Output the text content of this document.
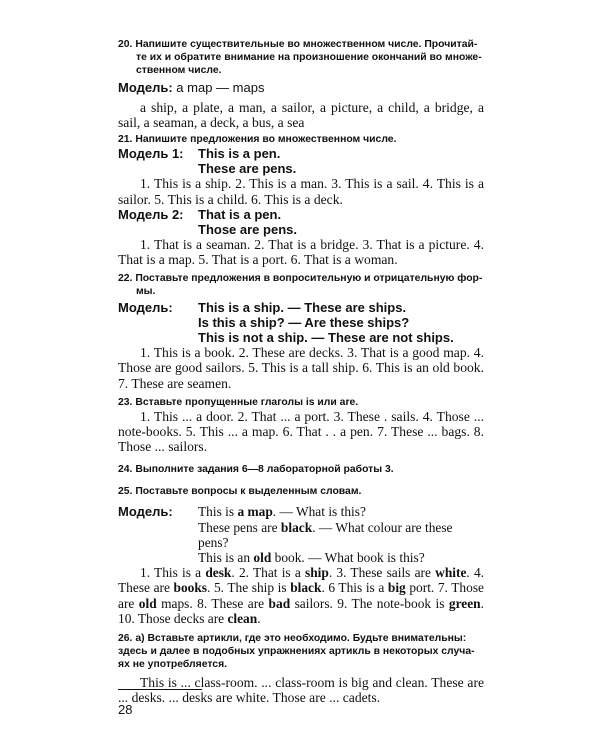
20. Напишите существительные во множественном числе. Прочитай-
те их и обратите внимание на произношение окончаний во множе-
ственном числе.

Модель: a map — maps

a ship, a plate, a man, a sailor, a picture, a child, a bridge, a sail, a seaman, a deck, a bus, a sea

21. Напишите предложения во множественном числе.

Модель 1:	This is a pen.
These are pens.

1. This is a ship. 2. This is a man. 3. This is a sail. 4. This is a sailor. 5. This is a child. 6. This is a deck.

Модель 2:	That is a pen.
Those are pens.

1. That is a seaman. 2. That is a bridge. 3. That is a picture. 4. That is a map. 5. That is a port. 6. That is a woman.

22. Поставьте предложения в вопросительную и отрицательную фор-
мы.

Модель:	This is a ship. — These are ships.
Is this a ship? — Are these ships?
This is not a ship. — These are not ships.

1. This is a book. 2. These are decks. 3. That is a good map. 4. Those are good sailors. 5. This is a tall ship. 6. This is an old book. 7. These are seamen.

23. Вставьте пропущенные глаголы is или are.

1. This ... a door. 2. That ... a port. 3. These . sails. 4. Those ... note-books. 5. This ... a map. 6. That . . a pen. 7. These ... bags. 8. Those ... sailors.

24. Выполните задания 6—8 лабораторной работы 3.

25. Поставьте вопросы к выделенным словам.

Модель:	This is a map. — What is this?
These pens are black. — What colour are these pens?
This is an old book. — What book is this?

1. This is a desk. 2. That is a ship. 3. These sails are white. 4. These are books. 5. The ship is black. 6 This is a big port. 7. Those are old maps. 8. These are bad sailors. 9. The note-book is green. 10. Those decks are clean.

26. а) Вставьте артикли, где это необходимо. Будьте внимательны:
здесь и далее в подобных упражнениях артикль в некоторых случа-
ях не употребляется.

This is ... class-room. ... class-room is big and clean. These are ... desks. ... desks are white. Those are ... cadets.

28
